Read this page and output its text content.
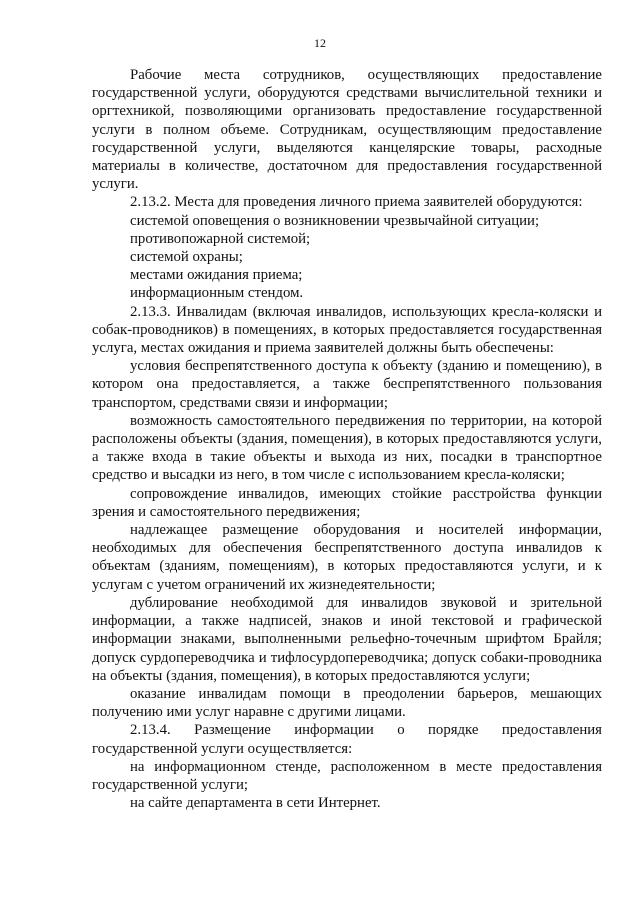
12

Рабочие места сотрудников, осуществляющих предоставление государственной услуги, оборудуются средствами вычислительной техники и оргтехникой, позволяющими организовать предоставление государственной услуги в полном объеме. Сотрудникам, осуществляющим предоставление государственной услуги, выделяются канцелярские товары, расходные материалы в количестве, достаточном для предоставления государственной услуги.

2.13.2. Места для проведения личного приема заявителей оборудуются:

системой оповещения о возникновении чрезвычайной ситуации;

противопожарной системой;

системой охраны;

местами ожидания приема;

информационным стендом.

2.13.3. Инвалидам (включая инвалидов, использующих кресла-коляски и собак-проводников) в помещениях, в которых предоставляется государственная услуга, местах ожидания и приема заявителей должны быть обеспечены:

условия беспрепятственного доступа к объекту (зданию и помещению), в котором она предоставляется, а также беспрепятственного пользования транспортом, средствами связи и информации;

возможность самостоятельного передвижения по территории, на которой расположены объекты (здания, помещения), в которых предоставляются услуги, а также входа в такие объекты и выхода из них, посадки в транспортное средство и высадки из него, в том числе с использованием кресла-коляски;

сопровождение инвалидов, имеющих стойкие расстройства функции зрения и самостоятельного передвижения;

надлежащее размещение оборудования и носителей информации, необходимых для обеспечения беспрепятственного доступа инвалидов к объектам (зданиям, помещениям), в которых предоставляются услуги, и к услугам с учетом ограничений их жизнедеятельности;

дублирование необходимой для инвалидов звуковой и зрительной информации, а также надписей, знаков и иной текстовой и графической информации знаками, выполненными рельефно-точечным шрифтом Брайля; допуск сурдопереводчика и тифлосурдопереводчика; допуск собаки-проводника на объекты (здания, помещения), в которых предоставляются услуги;

оказание инвалидам помощи в преодолении барьеров, мешающих получению ими услуг наравне с другими лицами.

2.13.4. Размещение информации о порядке предоставления государственной услуги осуществляется:

на информационном стенде, расположенном в месте предоставления государственной услуги;

на сайте департамента в сети Интернет.
